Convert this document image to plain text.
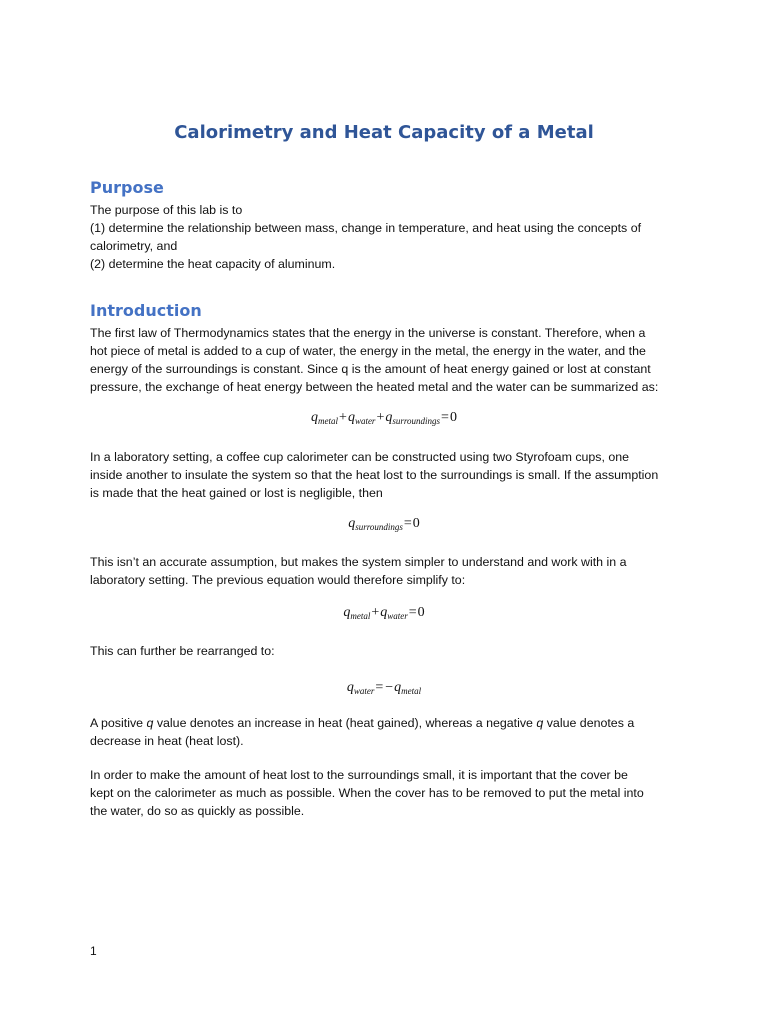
Calorimetry and Heat Capacity of a Metal
Purpose

The purpose of this lab is to
(1) determine the relationship between mass, change in temperature, and heat using the concepts of
calorimetry, and
(2) determine the heat capacity of aluminum.

Introduction

The first law of Thermodynamics states that the energy in the universe is constant. Therefore, when a
hot piece of metal is added to a cup of water, the energy in the metal, the energy in the water, and the
energy of the surroundings is constant. Since q is the amount of heat energy gained or lost at constant
pressure, the exchange of heat energy between the heated metal and the water can be summarized as:

$q_{metal}+q_{water}+q_{surroundings}=0$

In a laboratory setting, a coffee cup calorimeter can be constructed using two Styrofoam cups, one
inside another to insulate the system so that the heat lost to the surroundings is small. If the assumption
is made that the heat gained or lost is negligible, then

$q_{surroundings}=0$

This isn’t an accurate assumption, but makes the system simpler to understand and work with in a
laboratory setting. The previous equation would therefore simplify to:

$q_{metal}+q_{water}=0$

This can further be rearranged to:

$q_{water}= -q_{metal}$

A positive q value denotes an increase in heat (heat gained), whereas a negative q value denotes a
decrease in heat (heat lost).

In order to make the amount of heat lost to the surroundings small, it is important that the cover be
kept on the calorimeter as much as possible. When the cover has to be removed to put the metal into
the water, do so as quickly as possible.

1
